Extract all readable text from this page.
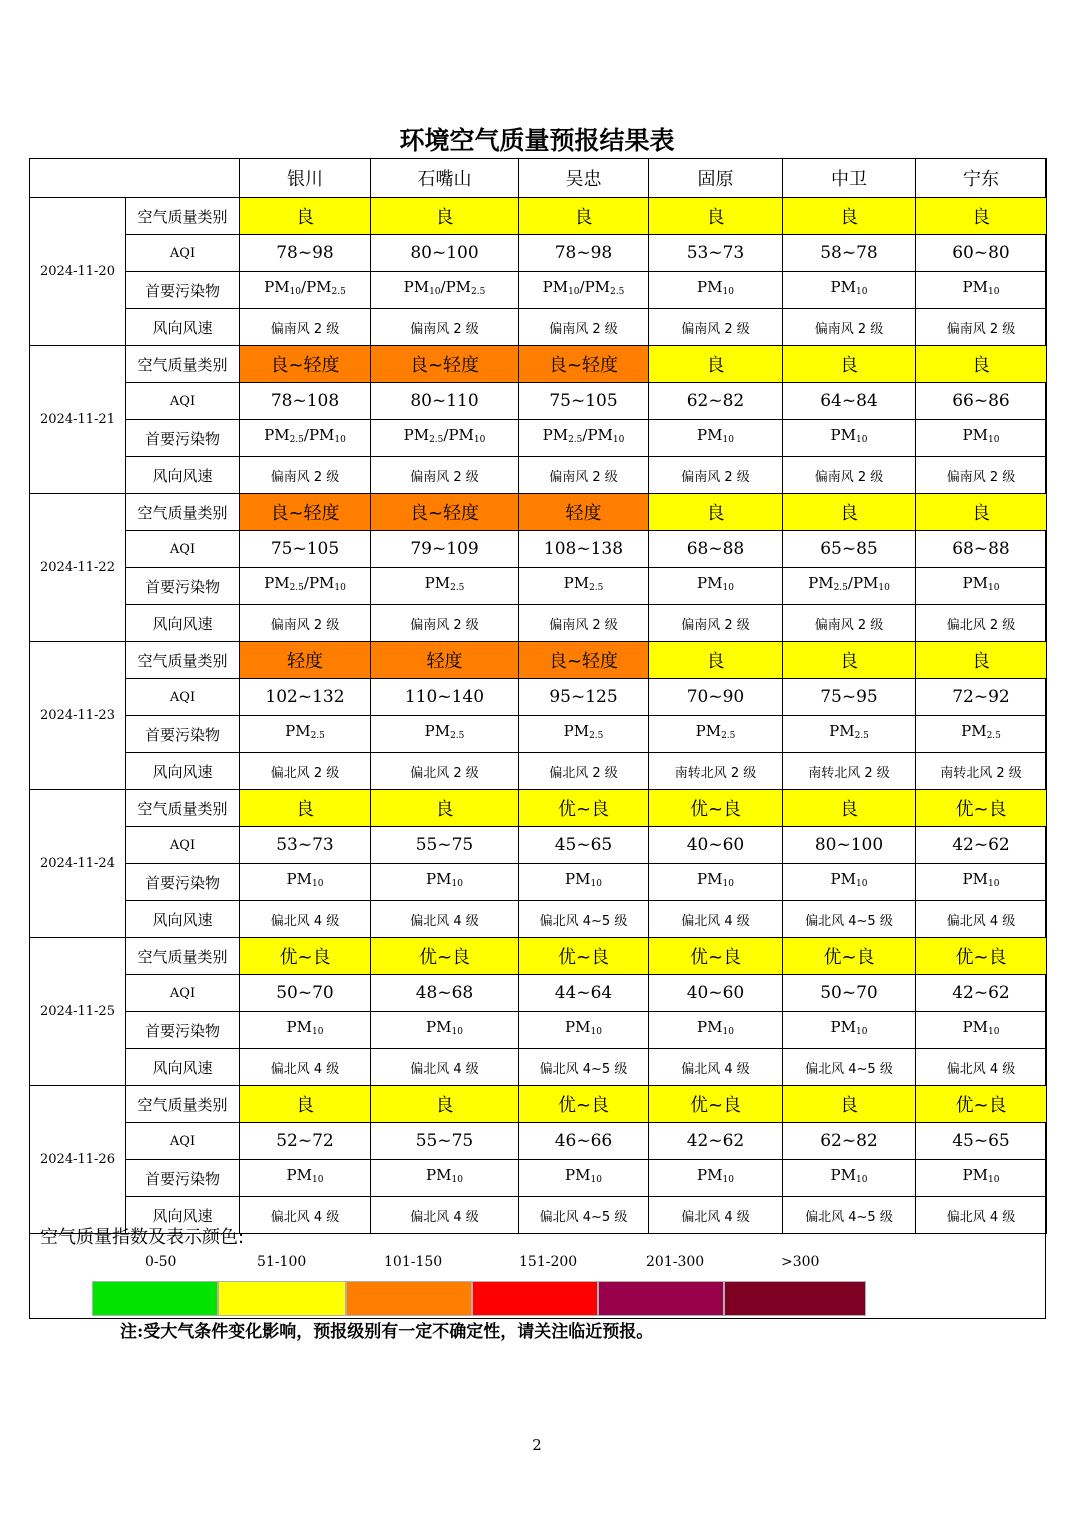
环境空气质量预报结果表
		银川	石嘴山	吴忠	固原	中卫	宁东
2024-11-20	空气质量类别	良	良	良	良	良	良
	AQI	78~98	80~100	78~98	53~73	58~78	60~80
	首要污染物	$PM_{10}/PM_{2.5}$	$PM_{10}/PM_{2.5}$	$PM_{10}/PM_{2.5}$	$PM_{10}$	$PM_{10}$	$PM_{10}$
	风向风速	偏南风 2 级	偏南风 2 级	偏南风 2 级	偏南风 2 级	偏南风 2 级	偏南风 2 级
2024-11-21	空气质量类别	良~轻度	良~轻度	良~轻度	良	良	良
	AQI	78~108	80~110	75~105	62~82	64~84	66~86
	首要污染物	$PM_{2.5}/PM_{10}$	$PM_{2.5}/PM_{10}$	$PM_{2.5}/PM_{10}$	$PM_{10}$	$PM_{10}$	$PM_{10}$
	风向风速	偏南风 2 级	偏南风 2 级	偏南风 2 级	偏南风 2 级	偏南风 2 级	偏南风 2 级
2024-11-22	空气质量类别	良~轻度	良~轻度	轻度	良	良	良
	AQI	75~105	79~109	108~138	68~88	65~85	68~88
	首要污染物	$PM_{2.5}/PM_{10}$	$PM_{2.5}$	$PM_{2.5}$	$PM_{10}$	$PM_{2.5}/PM_{10}$	$PM_{10}$
	风向风速	偏南风 2 级	偏南风 2 级	偏南风 2 级	偏南风 2 级	偏南风 2 级	偏北风 2 级
2024-11-23	空气质量类别	轻度	轻度	良~轻度	良	良	良
	AQI	102~132	110~140	95~125	70~90	75~95	72~92
	首要污染物	$PM_{2.5}$	$PM_{2.5}$	$PM_{2.5}$	$PM_{2.5}$	$PM_{2.5}$	$PM_{2.5}$
	风向风速	偏北风 2 级	偏北风 2 级	偏北风 2 级	南转北风 2 级	南转北风 2 级	南转北风 2 级
2024-11-24	空气质量类别	良	良	优~良	优~良	良	优~良
	AQI	53~73	55~75	45~65	40~60	80~100	42~62
	首要污染物	$PM_{10}$	$PM_{10}$	$PM_{10}$	$PM_{10}$	$PM_{10}$	$PM_{10}$
	风向风速	偏北风 4 级	偏北风 4 级	偏北风 4~5 级	偏北风 4 级	偏北风 4~5 级	偏北风 4 级
2024-11-25	空气质量类别	优~良	优~良	优~良	优~良	优~良	优~良
	AQI	50~70	48~68	44~64	40~60	50~70	42~62
	首要污染物	$PM_{10}$	$PM_{10}$	$PM_{10}$	$PM_{10}$	$PM_{10}$	$PM_{10}$
	风向风速	偏北风 4 级	偏北风 4 级	偏北风 4~5 级	偏北风 4 级	偏北风 4~5 级	偏北风 4 级
2024-11-26	空气质量类别	良	良	优~良	优~良	良	优~良
	AQI	52~72	55~75	46~66	42~62	62~82	45~65
	首要污染物	$PM_{10}$	$PM_{10}$	$PM_{10}$	$PM_{10}$	$PM_{10}$	$PM_{10}$
	风向风速	偏北风 4 级	偏北风 4 级	偏北风 4~5 级	偏北风 4 级	偏北风 4~5 级	偏北风 4 级
空气质量指数及表示颜色:
0-50	51-100	101-150	151-200	201-300	>300
注:受大气条件变化影响，预报级别有一定不确定性，请关注临近预报。
2
